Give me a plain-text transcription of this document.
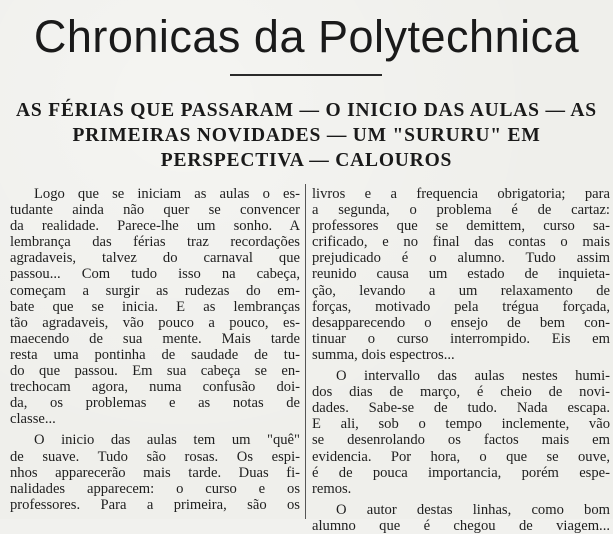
Chronicas da Polytechnica
AS FÉRIAS QUE PASSARAM — O INICIO DAS AULAS — AS
PRIMEIRAS NOVIDADES — UM "SURURU" EM
PERSPECTIVA — CALOUROS
Logo que se iniciam as aulas o es-
tudante ainda não quer se convencer
da realidade. Parece-lhe um sonho. A
lembrança das férias traz recordações
agradaveis, talvez do carnaval que
passou... Com tudo isso na cabeça,
começam a surgir as rudezas do em-
bate que se inicia. E as lembranças
tão agradaveis, vão pouco a pouco, es-
maecendo de sua mente. Mais tarde
resta uma pontinha de saudade de tu-
do que passou. Em sua cabeça se en-
trechocam agora, numa confusão doi-
da, os problemas e as notas de
classe...
O inicio das aulas tem um "quê"
de suave. Tudo são rosas. Os espi-
nhos apparecerão mais tarde. Duas fi-
nalidades apparecem: o curso e os
professores. Para a primeira, são os
livros e a frequencia obrigatoria; para
a segunda, o problema é de cartaz:
professores que se demittem, curso sa-
crificado, e no final das contas o mais
prejudicado é o alumno. Tudo assim
reunido causa um estado de inquieta-
ção, levando a um relaxamento de
forças, motivado pela trégua forçada,
desapparecendo o ensejo de bem con-
tinuar o curso interrompido. Eis em
summa, dois espectros...
O intervallo das aulas nestes humi-
dos dias de março, é cheio de novi-
dades. Sabe-se de tudo. Nada escapa.
E ali, sob o tempo inclemente, vão
se desenrolando os factos mais em
evidencia. Por hora, o que se ouve,
é de pouca importancia, porém espe-
remos.
O autor destas linhas, como bom
alumno que é chegou de viagem...
